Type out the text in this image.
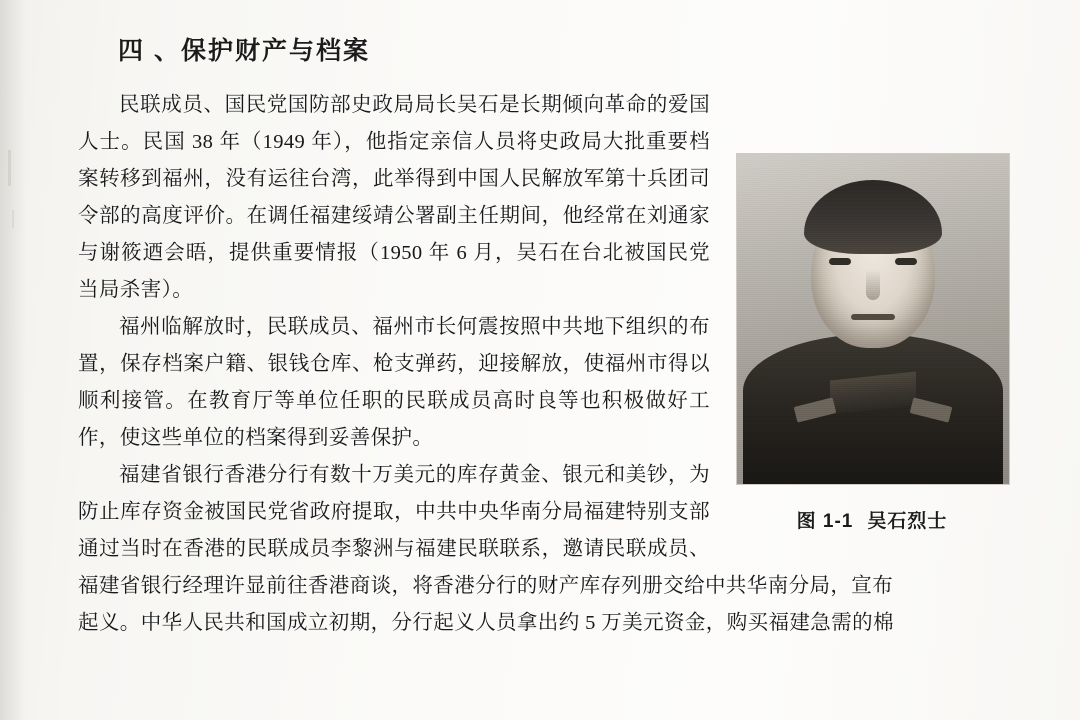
四 、保护财产与档案
图 1-1 吴石烈士

民联成员、国民党国防部史政局局长吴石是长期倾向革命的爱国人士。民国 38 年（1949 年），他指定亲信人员将史政局大批重要档案转移到福州，没有运往台湾，此举得到中国人民解放军第十兵团司令部的高度评价。在调任福建绥靖公署副主任期间，他经常在刘通家与谢筱迺会晤，提供重要情报（1950 年 6 月，吴石在台北被国民党当局杀害）。

福州临解放时，民联成员、福州市长何震按照中共地下组织的布置，保存档案户籍、银钱仓库、枪支弹药，迎接解放，使福州市得以顺利接管。在教育厅等单位任职的民联成员高时良等也积极做好工作，使这些单位的档案得到妥善保护。

福建省银行香港分行有数十万美元的库存黄金、银元和美钞，为防止库存资金被国民党省政府提取，中共中央华南分局福建特别支部通过当时在香港的民联成员李黎洲与福建民联联系，邀请民联成员、福建省银行经理许显前往香港商谈，将香港分行的财产库存列册交给中共华南分局，宣布

起义。中华人民共和国成立初期，分行起义人员拿出约 5 万美元资金，购买福建急需的棉
